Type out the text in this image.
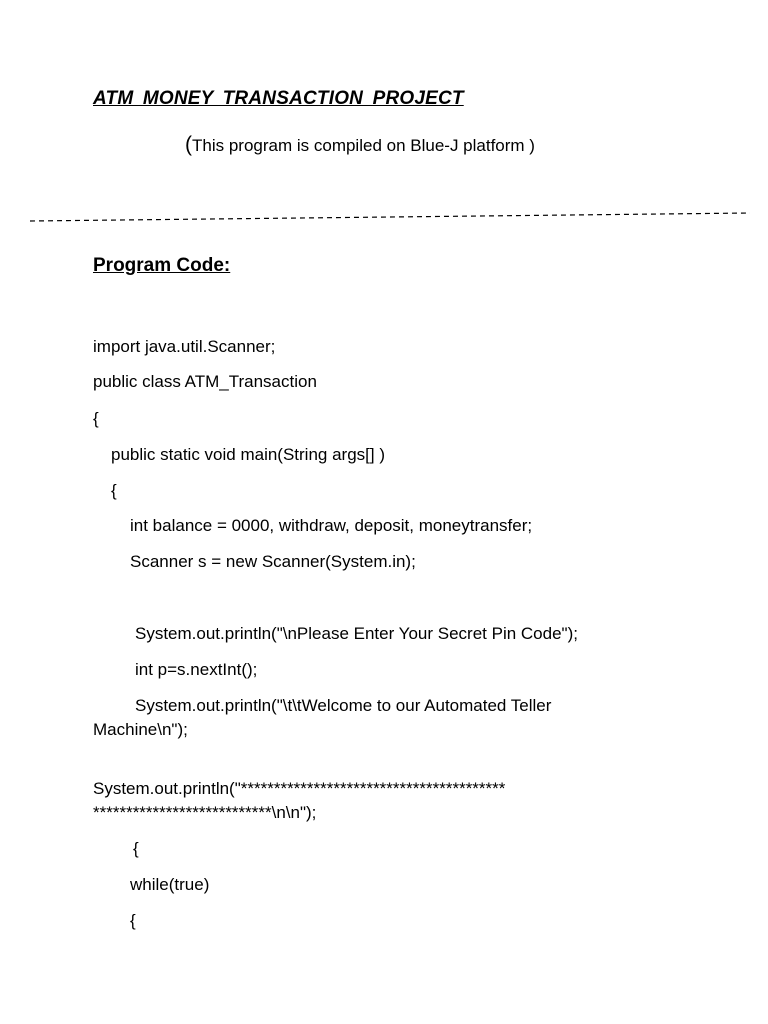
ATM MONEY TRANSACTION PROJECT
(This program is compiled on Blue-J platform )
Program Code:
import java.util.Scanner;
public class ATM_Transaction
{
public static void main(String args[] )
{
int balance = 0000, withdraw, deposit, moneytransfer;
Scanner s = new Scanner(System.in);
System.out.println("\nPlease Enter Your Secret Pin Code");
int p=s.nextInt();
System.out.println("\t\tWelcome to our Automated Teller
Machine\n");
System.out.println("****************************************
***************************\n\n");
{
while(true)
{
